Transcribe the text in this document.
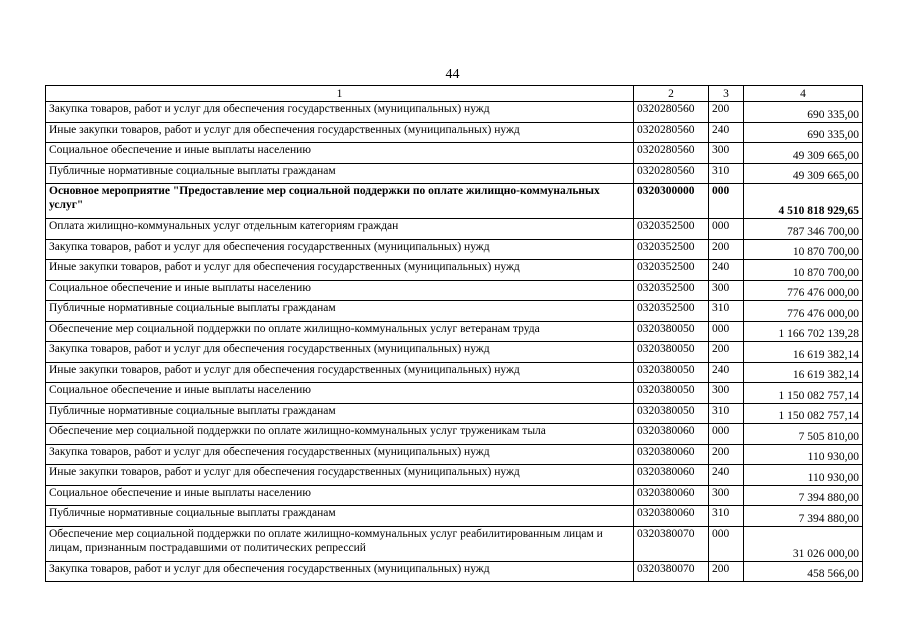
44
1	2	3	4
Закупка товаров, работ и услуг для обеспечения государственных (муниципальных) нужд	0320280560	200	690 335,00
Иные закупки товаров, работ и услуг для обеспечения государственных (муниципальных) нужд	0320280560	240	690 335,00
Социальное обеспечение и иные выплаты населению	0320280560	300	49 309 665,00
Публичные нормативные социальные выплаты гражданам	0320280560	310	49 309 665,00
Основное мероприятие "Предоставление мер социальной поддержки по оплате жилищно-коммунальных услуг"	0320300000	000	4 510 818 929,65
Оплата жилищно-коммунальных услуг отдельным категориям граждан	0320352500	000	787 346 700,00
Закупка товаров, работ и услуг для обеспечения государственных (муниципальных) нужд	0320352500	200	10 870 700,00
Иные закупки товаров, работ и услуг для обеспечения государственных (муниципальных) нужд	0320352500	240	10 870 700,00
Социальное обеспечение и иные выплаты населению	0320352500	300	776 476 000,00
Публичные нормативные социальные выплаты гражданам	0320352500	310	776 476 000,00
Обеспечение мер социальной поддержки по оплате жилищно-коммунальных услуг ветеранам труда	0320380050	000	1 166 702 139,28
Закупка товаров, работ и услуг для обеспечения государственных (муниципальных) нужд	0320380050	200	16 619 382,14
Иные закупки товаров, работ и услуг для обеспечения государственных (муниципальных) нужд	0320380050	240	16 619 382,14
Социальное обеспечение и иные выплаты населению	0320380050	300	1 150 082 757,14
Публичные нормативные социальные выплаты гражданам	0320380050	310	1 150 082 757,14
Обеспечение мер социальной поддержки по оплате жилищно-коммунальных услуг труженикам тыла	0320380060	000	7 505 810,00
Закупка товаров, работ и услуг для обеспечения государственных (муниципальных) нужд	0320380060	200	110 930,00
Иные закупки товаров, работ и услуг для обеспечения государственных (муниципальных) нужд	0320380060	240	110 930,00
Социальное обеспечение и иные выплаты населению	0320380060	300	7 394 880,00
Публичные нормативные социальные выплаты гражданам	0320380060	310	7 394 880,00
Обеспечение мер социальной поддержки по оплате жилищно-коммунальных услуг реабилитированным лицам и лицам, признанным пострадавшими от политических репрессий	0320380070	000	31 026 000,00
Закупка товаров, работ и услуг для обеспечения государственных (муниципальных) нужд	0320380070	200	458 566,00
